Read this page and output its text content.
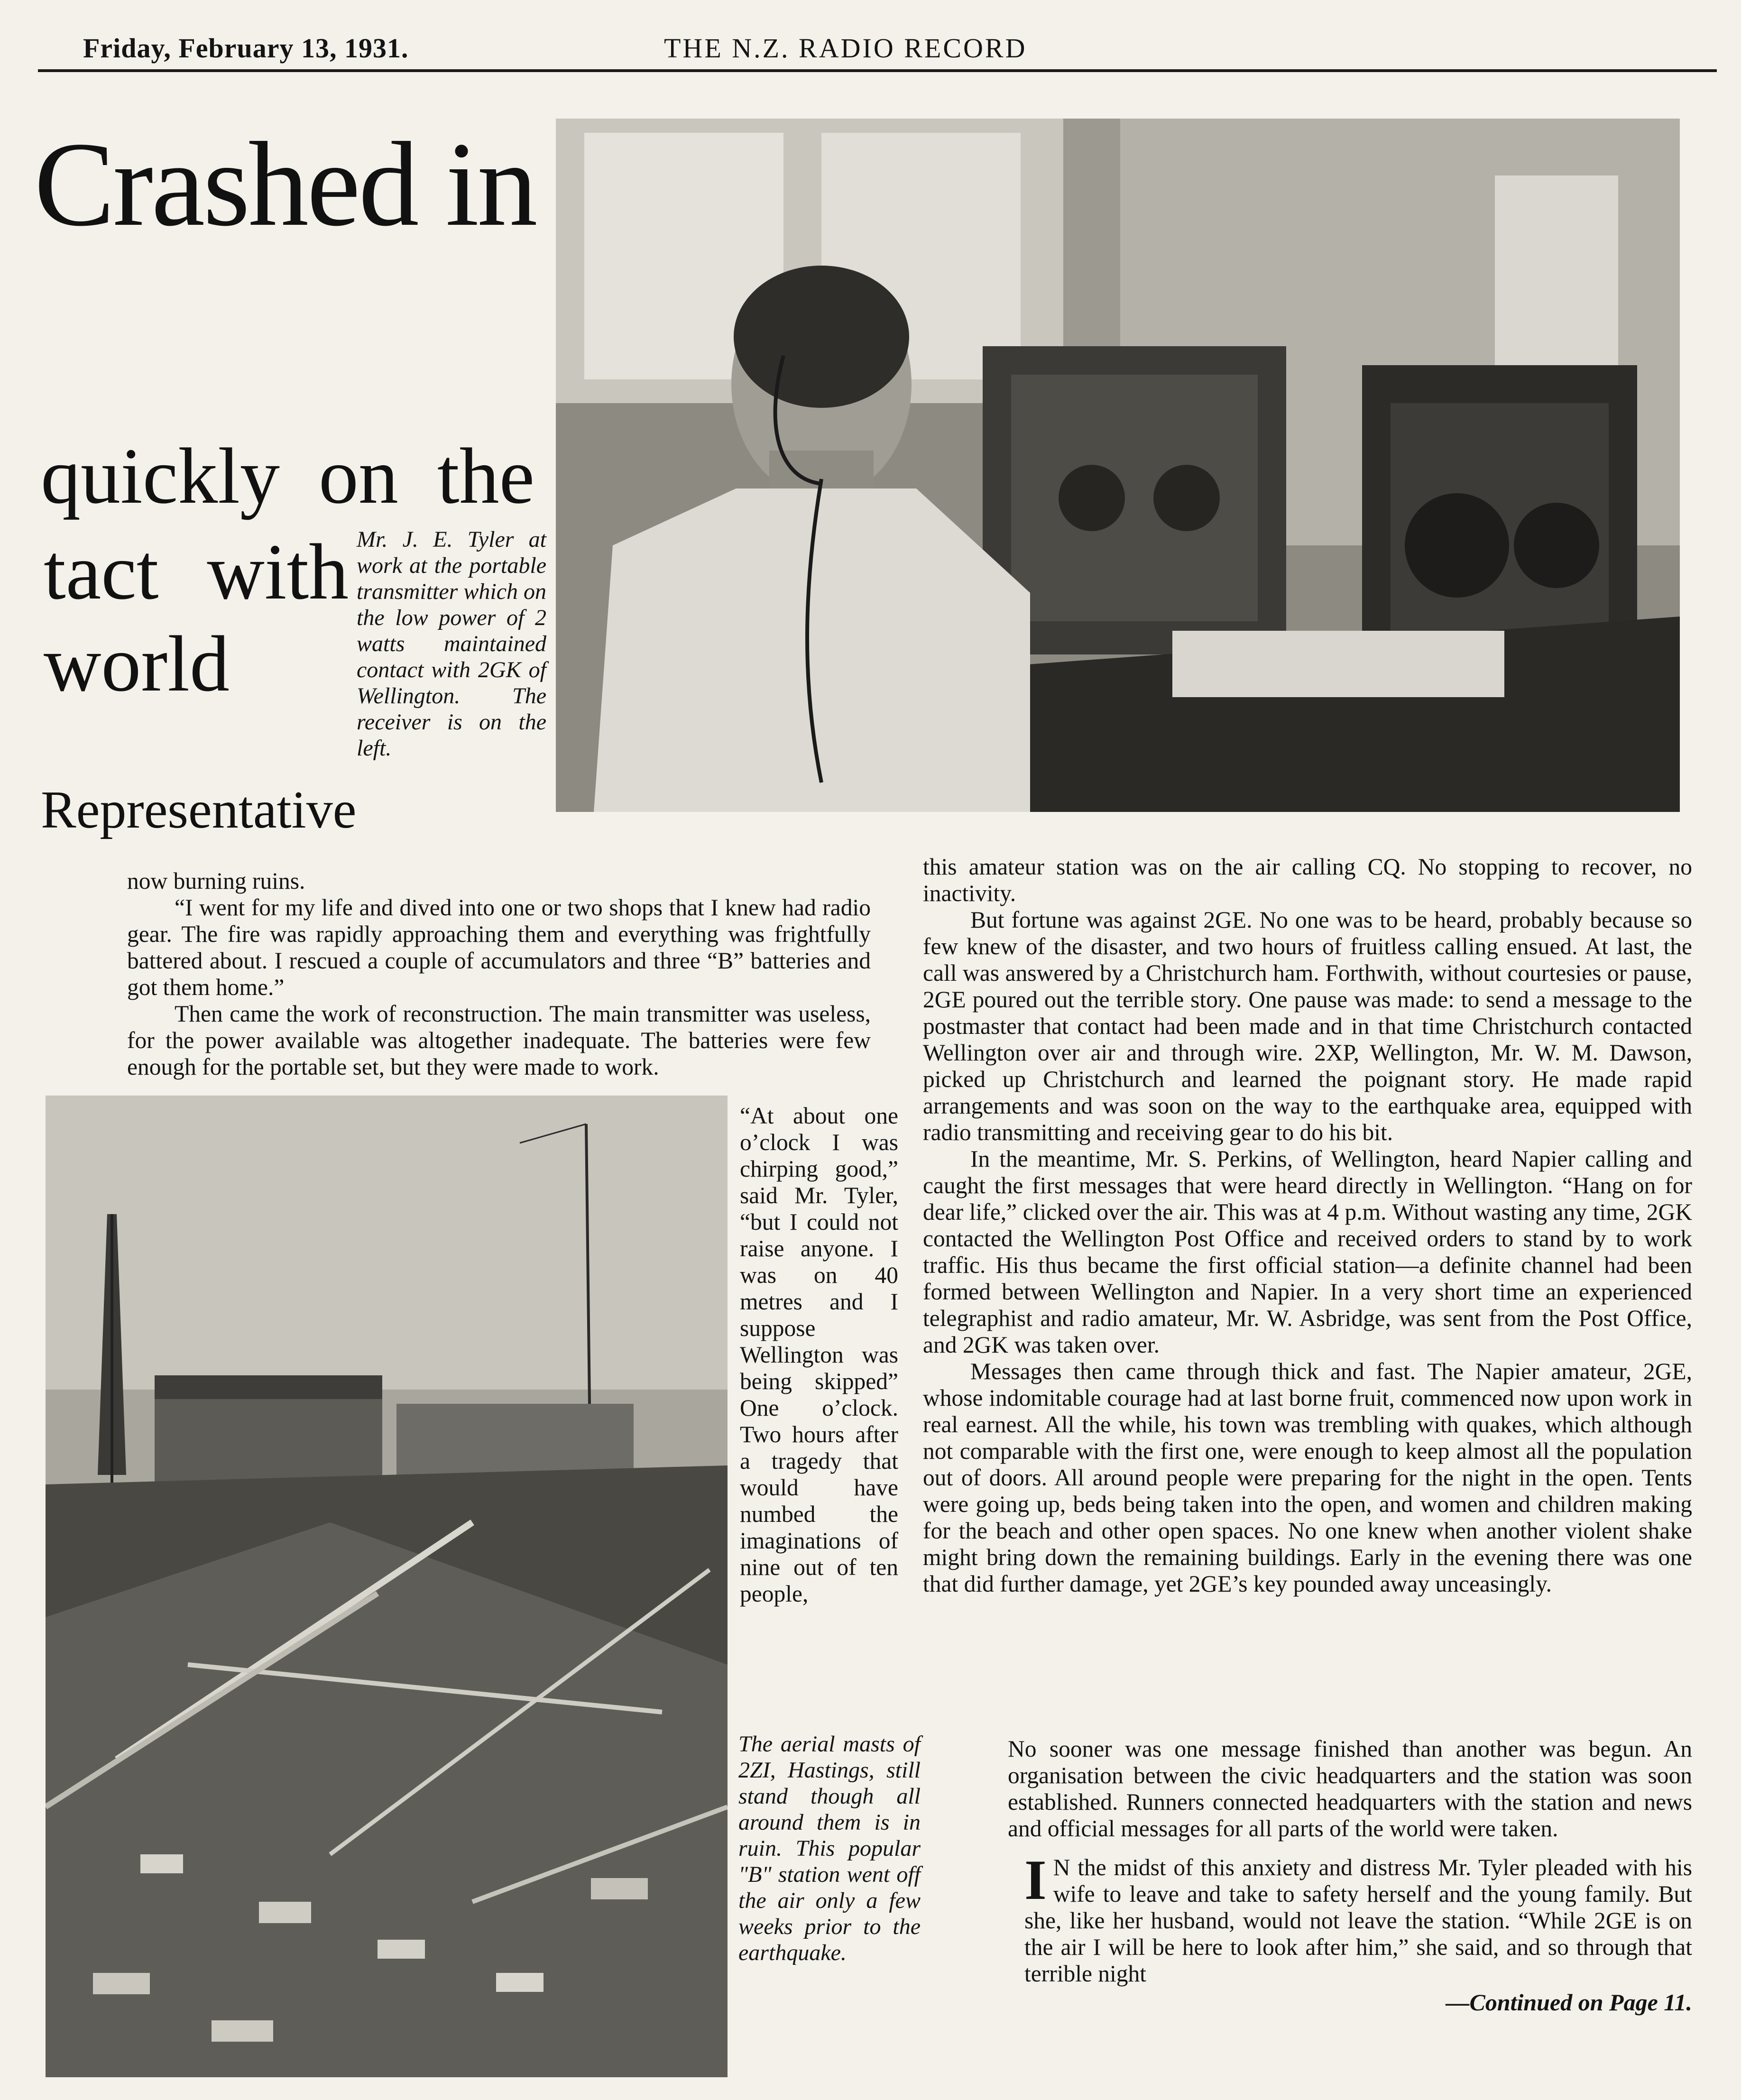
Friday, February 13, 1931.	THE N.Z. RADIO RECORD
Crashed in
quickly on the
tact with
world
Representative

Mr. J. E. Tyler at work at the portable transmitter which on the low power of 2 watts maintained contact with 2GK of Wellington. The receiver is on the left.

now burning ruins.

“I went for my life and dived into one or two shops that I knew had radio gear. The fire was rapidly approaching them and everything was frightfully battered about. I rescued a couple of accumulators and three “B” batteries and got them home.”

Then came the work of reconstruction. The main transmitter was useless, for the power available was altogether inadequate. The batteries were few enough for the portable set, but they were made to work.

“At about one o’clock I was chirping good,” said Mr. Tyler, “but I could not raise anyone. I was on 40 metres and I suppose Wellington was being skipped” One o’clock. Two hours after a tragedy that would have numbed the imaginations of nine out of ten people,

The aerial masts of 2ZI, Hastings, still stand though all around them is in ruin. This popular "B" station went off the air only a few weeks prior to the earthquake.

this amateur station was on the air calling CQ. No stopping to recover, no inactivity.

But fortune was against 2GE. No one was to be heard, probably because so few knew of the disaster, and two hours of fruitless calling ensued. At last, the call was answered by a Christchurch ham. Forthwith, without courtesies or pause, 2GE poured out the terrible story. One pause was made: to send a message to the postmaster that contact had been made and in that time Christchurch contacted Wellington over air and through wire. 2XP, Wellington, Mr. W. M. Dawson, picked up Christchurch and learned the poignant story. He made rapid arrangements and was soon on the way to the earthquake area, equipped with radio transmitting and receiving gear to do his bit.

In the meantime, Mr. S. Perkins, of Wellington, heard Napier calling and caught the first messages that were heard directly in Wellington. “Hang on for dear life,” clicked over the air. This was at 4 p.m. Without wasting any time, 2GK contacted the Wellington Post Office and received orders to stand by to work traffic. His thus became the first official station—a definite channel had been formed between Wellington and Napier. In a very short time an experienced telegraphist and radio amateur, Mr. W. Asbridge, was sent from the Post Office, and 2GK was taken over.

Messages then came through thick and fast. The Napier amateur, 2GE, whose indomitable courage had at last borne fruit, commenced now upon work in real earnest. All the while, his town was trembling with quakes, which although not comparable with the first one, were enough to keep almost all the population out of doors. All around people were preparing for the night in the open. Tents were going up, beds being taken into the open, and women and children making for the beach and other open spaces. No one knew when another violent shake might bring down the remaining buildings. Early in the evening there was one that did further damage, yet 2GE’s key pounded away unceasingly.

No sooner was one message finished than another was begun. An organisation between the civic headquarters and the station was soon established. Runners connected headquarters with the station and news and official messages for all parts of the world were taken.

I N the midst of this anxiety and distress Mr. Tyler pleaded with his wife to leave and take to safety herself and the young family. But she, like her husband, would not leave the station. “While 2GE is on the air I will be here to look after him,” she said, and so through that terrible night
—Continued on Page 11.
